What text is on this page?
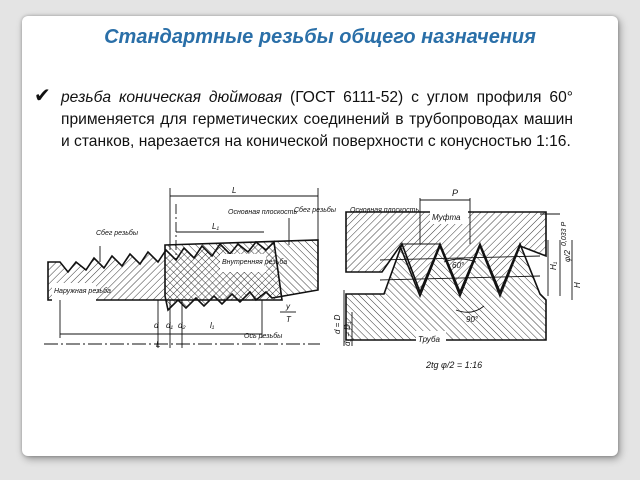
Стандартные резьбы общего назначения
✔ резьба коническая дюймовая (ГОСТ 6111-52) с углом профиля 60° применяется для герметических соединений в трубопроводах машин и станков, нарезается на конической поверхности с конусностью 1:16.

Сбег резьбы
Сбег резьбы
Основная плоскость
Внутренняя резьба
Наружная резьба
Ось резьбы
L
L₁
L
d d₁ d₂	l₁
y
T
P
Основная плоскость
Муфта
60°
90°
0,033 P
H₁
H
φ/2
d = D d₁ = D₁	Труба
2tg φ/2 = 1:16
